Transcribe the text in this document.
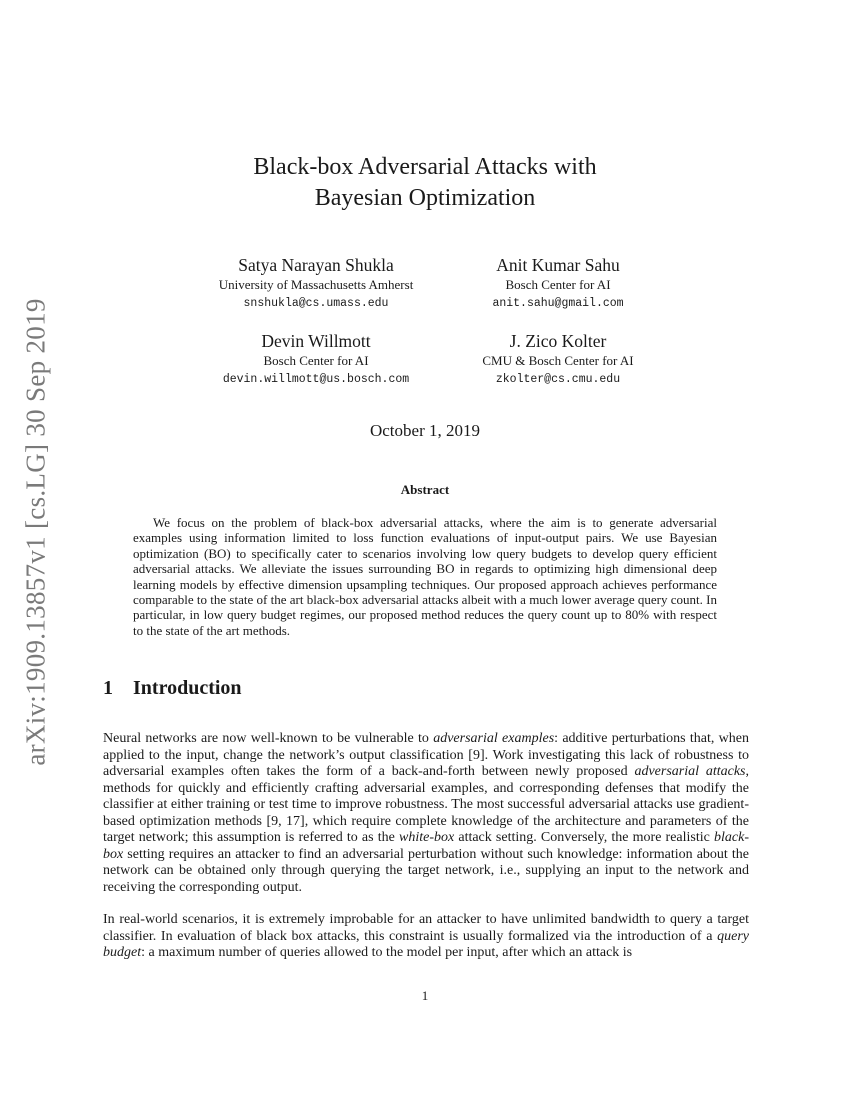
arXiv:1909.13857v1 [cs.LG] 30 Sep 2019
Black-box Adversarial Attacks with
Bayesian Optimization
Satya Narayan Shukla
University of Massachusetts Amherst
snshukla@cs.umass.edu
Anit Kumar Sahu
Bosch Center for AI
anit.sahu@gmail.com
Devin Willmott
Bosch Center for AI
devin.willmott@us.bosch.com
J. Zico Kolter
CMU & Bosch Center for AI
zkolter@cs.cmu.edu
October 1, 2019
Abstract
We focus on the problem of black-box adversarial attacks, where the aim is to generate adversarial examples using information limited to loss function evaluations of input-output pairs. We use Bayesian optimization (BO) to specifically cater to scenarios involving low query budgets to develop query efficient adversarial attacks. We alleviate the issues surrounding BO in regards to optimizing high dimensional deep learning models by effective dimension upsampling techniques. Our proposed approach achieves performance comparable to the state of the art black-box adversarial attacks albeit with a much lower average query count. In particular, in low query budget regimes, our proposed method reduces the query count up to 80% with respect to the state of the art methods.
1 Introduction
Neural networks are now well-known to be vulnerable to adversarial examples: additive perturbations that, when applied to the input, change the network’s output classification [9]. Work investigating this lack of robustness to adversarial examples often takes the form of a back-and-forth between newly proposed adversarial attacks, methods for quickly and efficiently crafting adversarial examples, and corresponding defenses that modify the classifier at either training or test time to improve robustness. The most successful adversarial attacks use gradient-based optimization methods [9, 17], which require complete knowledge of the architecture and parameters of the target network; this assumption is referred to as the white-box attack setting. Conversely, the more realistic black-box setting requires an attacker to find an adversarial perturbation without such knowledge: information about the network can be obtained only through querying the target network, i.e., supplying an input to the network and receiving the corresponding output.
In real-world scenarios, it is extremely improbable for an attacker to have unlimited bandwidth to query a target classifier. In evaluation of black box attacks, this constraint is usually formalized via the introduction of a query budget: a maximum number of queries allowed to the model per input, after which an attack is
1
